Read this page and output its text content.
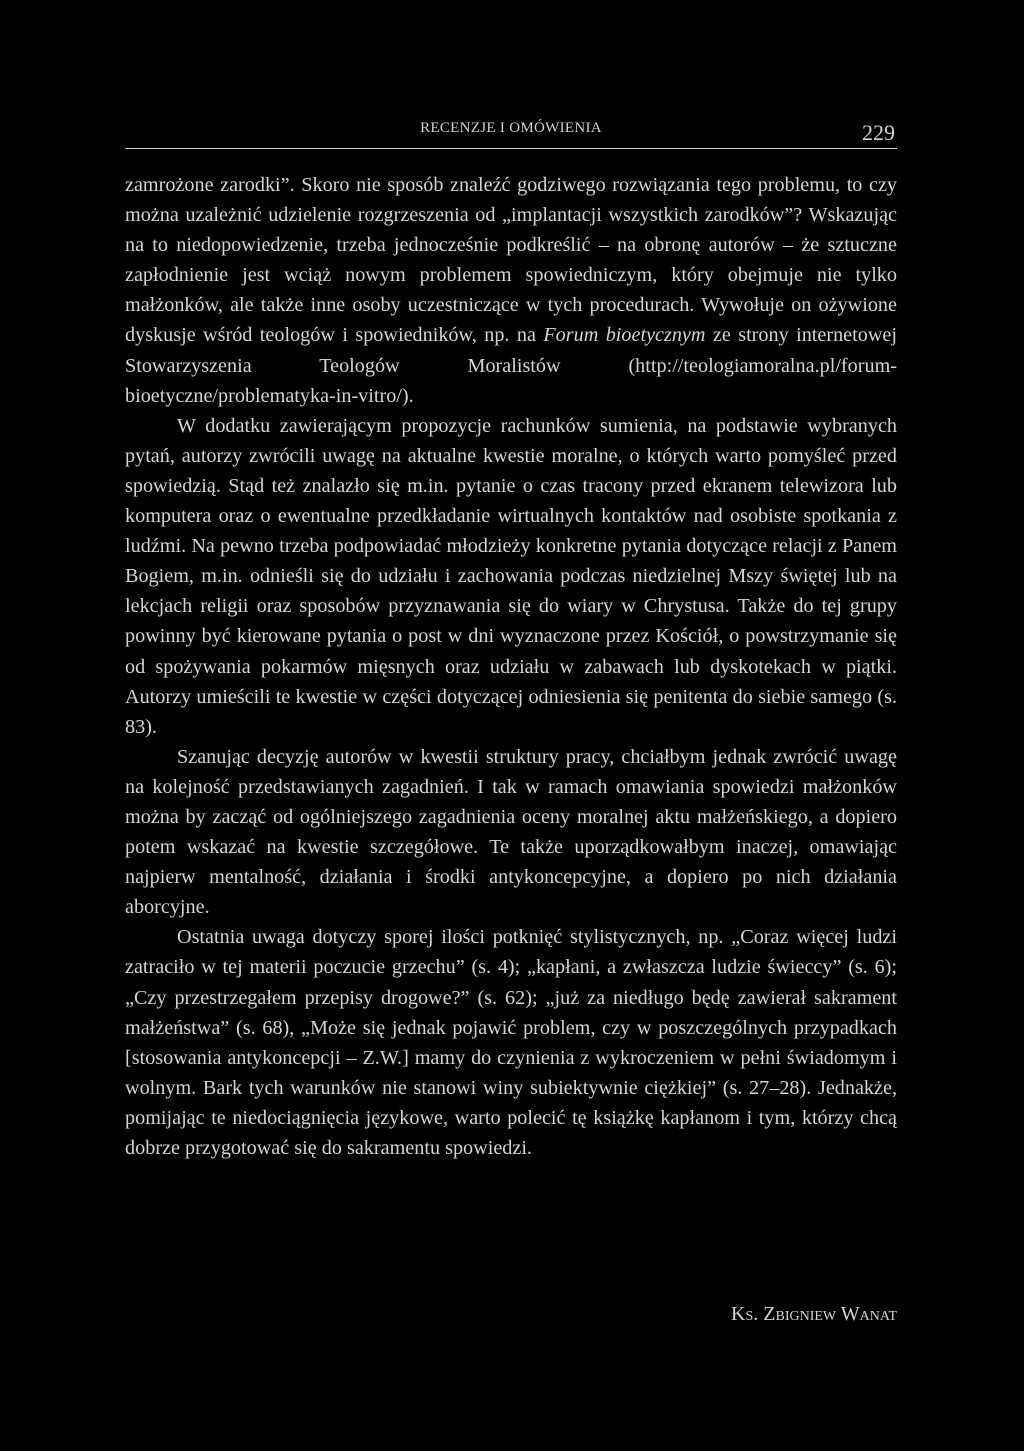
RECENZJE I OMÓWIENIA	229

zamrożone zarodki”. Skoro nie sposób znaleźć godziwego rozwiązania tego problemu, to czy można uzależnić udzielenie rozgrzeszenia od „implantacji wszystkich zarodków”? Wskazując na to niedopowiedzenie, trzeba jednocześnie podkreślić – na obronę autorów – że sztuczne zapłodnienie jest wciąż nowym problemem spowiedniczym, który obejmuje nie tylko małżonków, ale także inne osoby uczestniczące w tych procedurach. Wywołuje on ożywione dyskusje wśród teologów i spowiedników, np. na Forum bioetycznym ze strony internetowej Stowarzyszenia Teologów Moralistów (http://teologiamoralna.pl/​forum-bioetyczne/problematyka-in-vitro/).

W dodatku zawierającym propozycje rachunków sumienia, na podstawie wybranych pytań, autorzy zwrócili uwagę na aktualne kwestie moralne, o których warto pomyśleć przed spowiedzią. Stąd też znalazło się m.in. pytanie o czas tracony przed ekranem telewizora lub komputera oraz o ewentualne przedkładanie wirtualnych kontaktów nad osobiste spotkania z ludźmi. Na pewno trzeba podpowiadać młodzieży konkretne pytania dotyczące relacji z Panem Bogiem, m.in. odnieśli się do udziału i zachowania podczas niedzielnej Mszy świętej lub na lekcjach religii oraz sposobów przyznawania się do wiary w Chrystusa. Także do tej grupy powinny być kierowane pytania o post w dni wyznaczone przez Kościół, o powstrzymanie się od spożywania pokarmów mięsnych oraz udziału w zabawach lub dyskotekach w piątki. Autorzy umieścili te kwestie w części dotyczącej odniesienia się penitenta do siebie samego (s. 83).

Szanując decyzję autorów w kwestii struktury pracy, chciałbym jednak zwrócić uwagę na kolejność przedstawianych zagadnień. I tak w ramach omawiania spowiedzi małżonków można by zacząć od ogólniejszego zagadnienia oceny moralnej aktu małżeńskiego, a dopiero potem wskazać na kwestie szczegółowe. Te także uporządkowałbym inaczej, omawiając najpierw mentalność, działania i środki antykoncepcyjne, a dopiero po nich działania aborcyjne.

Ostatnia uwaga dotyczy sporej ilości potknięć stylistycznych, np. „Coraz więcej ludzi zatraciło w tej materii poczucie grzechu” (s. 4); „kapłani, a zwłaszcza ludzie świeccy” (s. 6); „Czy przestrzegałem przepisy drogowe?” (s. 62); „już za niedługo będę zawierał sakrament małżeństwa” (s. 68), „Może się jednak pojawić problem, czy w poszczególnych przypadkach [stosowania antykoncepcji – Z.W.] mamy do czynienia z wykroczeniem w pełni świadomym i wolnym. Bark tych warunków nie stanowi winy subiektywnie ciężkiej” (s. 27–28). Jednakże, pomijając te niedociągnięcia językowe, warto polecić tę książkę kapłanom i tym, którzy chcą dobrze przygotować się do sakramentu spowiedzi.

Ks. Zbigniew Wanat
